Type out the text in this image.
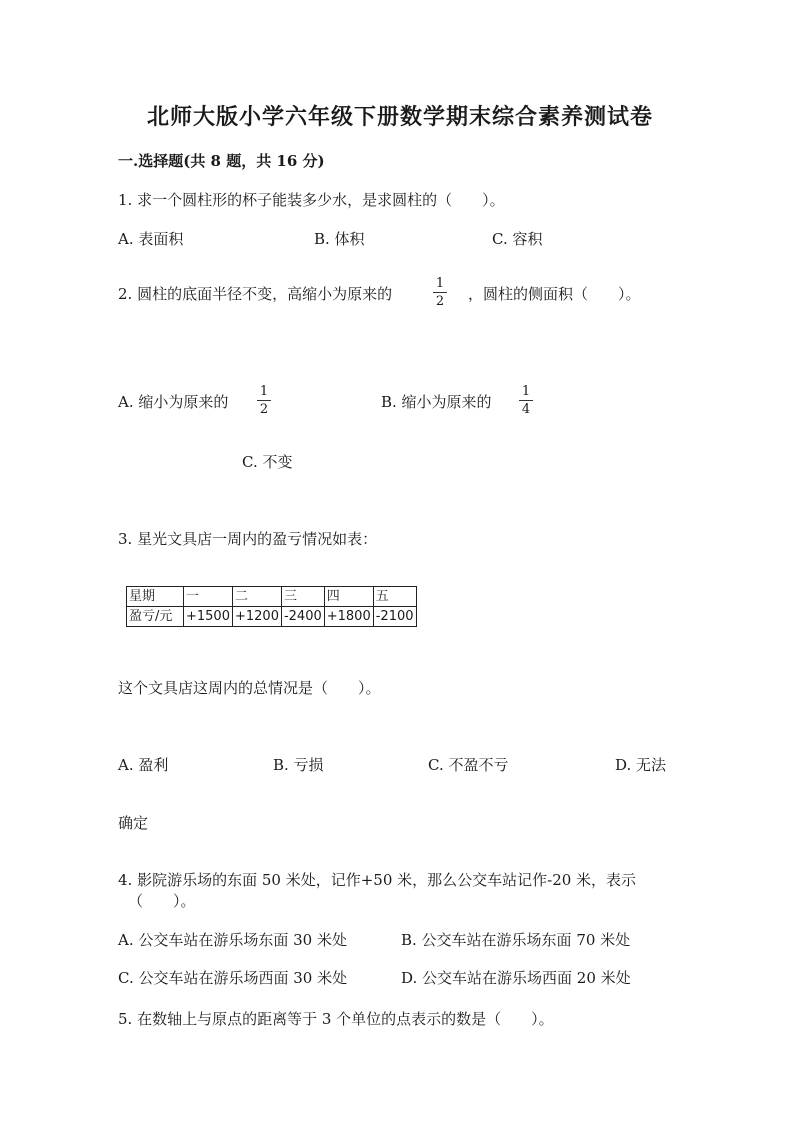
北师大版小学六年级下册数学期末综合素养测试卷
一.选择题(共 8 题，共 16 分)
1. 求一个圆柱形的杯子能装多少水，是求圆柱的（　　）。
A. 表面积	B. 体积	C. 容积
2. 圆柱的底面半径不变，高缩小为原来的
1
2	，圆柱的侧面积（　　）。
A. 缩小为原来的
1
2	B. 缩小为原来的
1
4
C. 不变
3. 星光文具店一周内的盈亏情况如表：
星期	一	二	三	四	五
盈亏/元	+1500	+1200	-2400	+1800	-2100
这个文具店这周内的总情况是（　　）。
A. 盈利	B. 亏损	C. 不盈不亏	D. 无法
确定
4. 影院游乐场的东面 50 米处，记作+50 米，那么公交车站记作-20 米，表示
（　　）。
A. 公交车站在游乐场东面 30 米处	B. 公交车站在游乐场东面 70 米处
C. 公交车站在游乐场西面 30 米处	D. 公交车站在游乐场西面 20 米处
5. 在数轴上与原点的距离等于 3 个单位的点表示的数是（　　）。
